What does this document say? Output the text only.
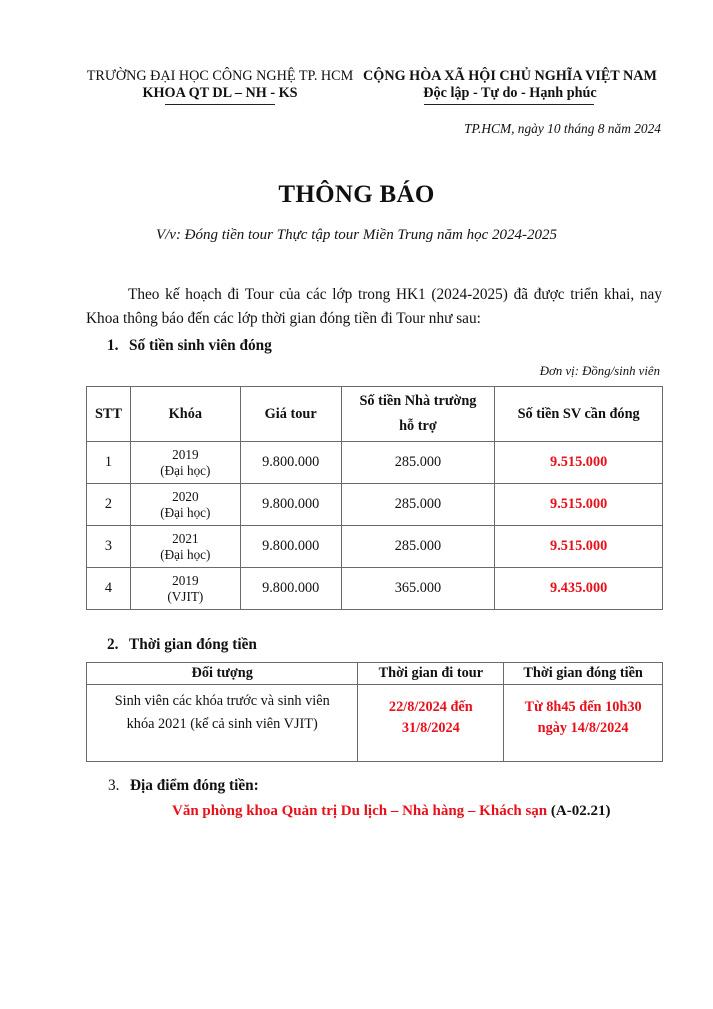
TRƯỜNG ĐẠI HỌC CÔNG NGHỆ TP. HCM
KHOA QT DL – NH - KS
CỘNG HÒA XÃ HỘI CHỦ NGHĨA VIỆT NAM
Độc lập - Tự do - Hạnh phúc
TP.HCM, ngày 10 tháng 8 năm 2024
THÔNG BÁO
V/v: Đóng tiền tour Thực tập tour Miền Trung năm học 2024-2025
Theo kế hoạch đi Tour của các lớp trong HK1 (2024-2025) đã được triển khai, nay Khoa thông báo đến các lớp thời gian đóng tiền đi Tour như sau:
1. Số tiền sinh viên đóng
Đơn vị: Đồng/sinh viên
STT	Khóa	Giá tour	Số tiền Nhà trường
hỗ trợ	Số tiền SV cần đóng
1	2019
(Đại học)	9.800.000	285.000	9.515.000
2	2020
(Đại học)	9.800.000	285.000	9.515.000
3	2021
(Đại học)	9.800.000	285.000	9.515.000
4	2019
(VJIT)	9.800.000	365.000	9.435.000
2. Thời gian đóng tiền
Đối tượng	Thời gian đi tour	Thời gian đóng tiền
Sinh viên các khóa trước và sinh viên
khóa 2021 (kể cả sinh viên VJIT)	22/8/2024 đến
31/8/2024	Từ 8h45 đến 10h30
ngày 14/8/2024
3. Địa điểm đóng tiền:
Văn phòng khoa Quản trị Du lịch – Nhà hàng – Khách sạn (A-02.21)
